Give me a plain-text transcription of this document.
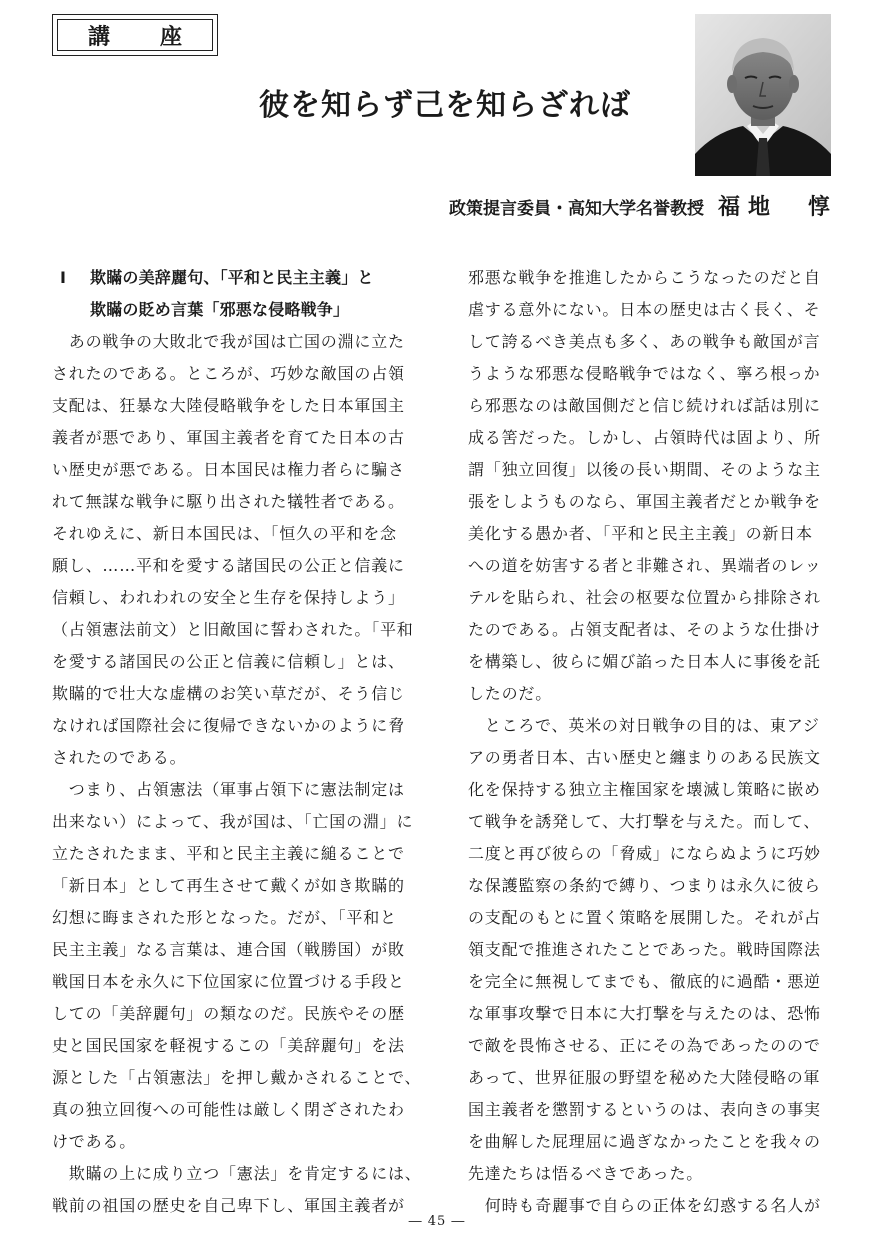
講　座
彼を知らず己を知らざれば
政策提言委員・高知大学名誉教授 福地　惇
Ⅰ 欺瞞の美辞麗句、「平和と民主主義」と
欺瞞の貶め言葉「邪悪な侵略戦争」
　あの戦争の大敗北で我が国は亡国の淵に立た
されたのである。ところが、巧妙な敵国の占領
支配は、狂暴な大陸侵略戦争をした日本軍国主
義者が悪であり、軍国主義者を育てた日本の古
い歴史が悪である。日本国民は権力者らに騙さ
れて無謀な戦争に駆り出された犠牲者である。
それゆえに、新日本国民は、「恒久の平和を念
願し、……平和を愛する諸国民の公正と信義に
信頼し、われわれの安全と生存を保持しよう」
（占領憲法前文）と旧敵国に誓わされた。「平和
を愛する諸国民の公正と信義に信頼し」とは、
欺瞞的で壮大な虚構のお笑い草だが、そう信じ
なければ国際社会に復帰できないかのように脅
されたのである。
　つまり、占領憲法（軍事占領下に憲法制定は
出来ない）によって、我が国は、「亡国の淵」に
立たされたまま、平和と民主主義に縋ることで
「新日本」として再生させて戴くが如き欺瞞的
幻想に晦まされた形となった。だが、「平和と
民主主義」なる言葉は、連合国（戦勝国）が敗
戦国日本を永久に下位国家に位置づける手段と
しての「美辞麗句」の類なのだ。民族やその歴
史と国民国家を軽視するこの「美辞麗句」を法
源とした「占領憲法」を押し戴かされることで、
真の独立回復への可能性は厳しく閉ざされたわ
けである。
　欺瞞の上に成り立つ「憲法」を肯定するには、
戦前の祖国の歴史を自己卑下し、軍国主義者が
邪悪な戦争を推進したからこうなったのだと自
虐する意外にない。日本の歴史は古く長く、そ
して誇るべき美点も多く、あの戦争も敵国が言
うような邪悪な侵略戦争ではなく、寧ろ根っか
ら邪悪なのは敵国側だと信じ続ければ話は別に
成る筈だった。しかし、占領時代は固より、所
謂「独立回復」以後の長い期間、そのような主
張をしようものなら、軍国主義者だとか戦争を
美化する愚か者、「平和と民主主義」の新日本
への道を妨害する者と非難され、異端者のレッ
テルを貼られ、社会の枢要な位置から排除され
たのである。占領支配者は、そのような仕掛け
を構築し、彼らに媚び諂った日本人に事後を託
したのだ。
　ところで、英米の対日戦争の目的は、東アジ
アの勇者日本、古い歴史と纏まりのある民族文
化を保持する独立主権国家を壊滅し策略に嵌め
て戦争を誘発して、大打撃を与えた。而して、
二度と再び彼らの「脅威」にならぬように巧妙
な保護監察の条約で縛り、つまりは永久に彼ら
の支配のもとに置く策略を展開した。それが占
領支配で推進されたことであった。戦時国際法
を完全に無視してまでも、徹底的に過酷・悪逆
な軍事攻撃で日本に大打撃を与えたのは、恐怖
で敵を畏怖させる、正にその為であったのので
あって、世界征服の野望を秘めた大陸侵略の軍
国主義者を懲罰するというのは、表向きの事実
を曲解した屁理屈に過ぎなかったことを我々の
先達たちは悟るべきであった。
　何時も奇麗事で自らの正体を幻惑する名人が
― 45 ―
